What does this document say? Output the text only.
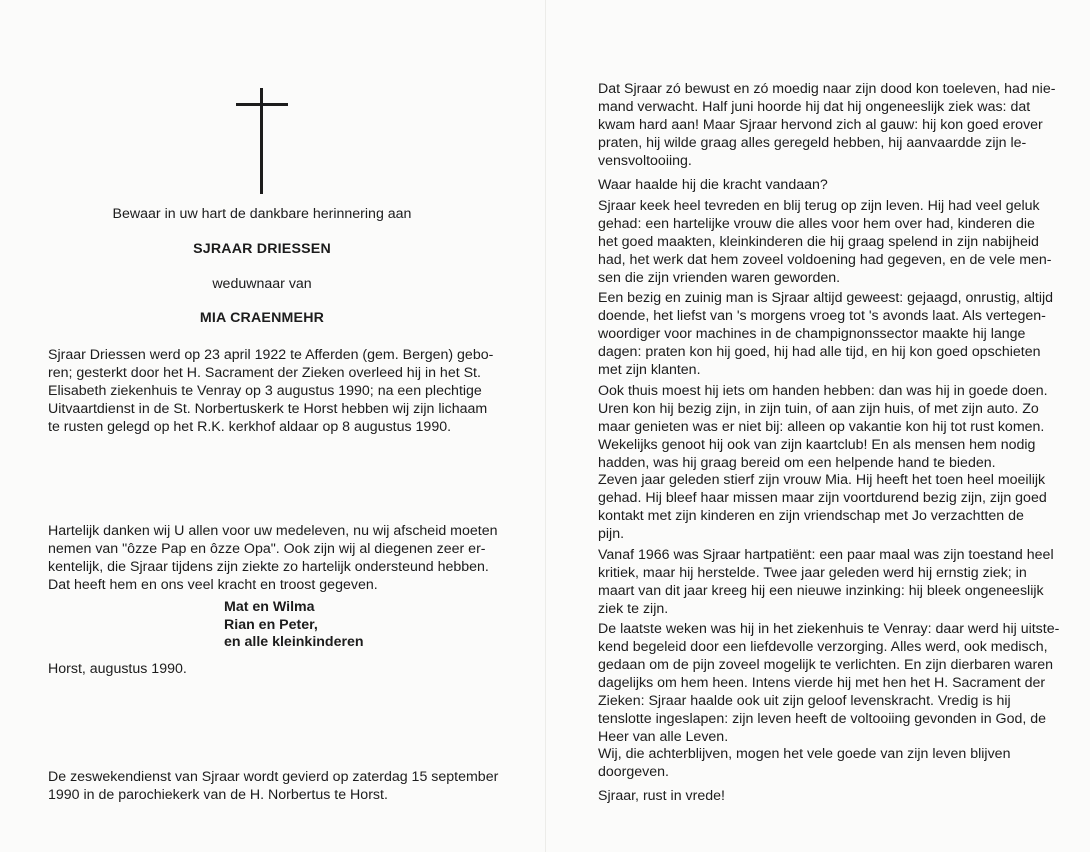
Bewaar in uw hart de dankbare herinnering aan
SJRAAR DRIESSEN
weduwnaar van
MIA CRAENMEHR

Sjraar Driessen werd op 23 april 1922 te Afferden (gem. Bergen) gebo-
ren; gesterkt door het H. Sacrament der Zieken overleed hij in het St.
Elisabeth ziekenhuis te Venray op 3 augustus 1990; na een plechtige
Uitvaartdienst in de St. Norbertuskerk te Horst hebben wij zijn lichaam
te rusten gelegd op het R.K. kerkhof aldaar op 8 augustus 1990.

Hartelijk danken wij U allen voor uw medeleven, nu wij afscheid moeten
nemen van "ôzze Pap en ôzze Opa". Ook zijn wij al diegenen zeer er-
kentelijk, die Sjraar tijdens zijn ziekte zo hartelijk ondersteund hebben.
Dat heeft hem en ons veel kracht en troost gegeven.

Mat en Wilma
Rian en Peter,
en alle kleinkinderen
Horst, augustus 1990.

De zeswekendienst van Sjraar wordt gevierd op zaterdag 15 september
1990 in de parochiekerk van de H. Norbertus te Horst.

Dat Sjraar zó bewust en zó moedig naar zijn dood kon toeleven, had nie-
mand verwacht. Half juni hoorde hij dat hij ongeneeslijk ziek was: dat
kwam hard aan! Maar Sjraar hervond zich al gauw: hij kon goed erover
praten, hij wilde graag alles geregeld hebben, hij aanvaardde zijn le-
vensvoltooiing.

Waar haalde hij die kracht vandaan?

Sjraar keek heel tevreden en blij terug op zijn leven. Hij had veel geluk
gehad: een hartelijke vrouw die alles voor hem over had, kinderen die
het goed maakten, kleinkinderen die hij graag spelend in zijn nabijheid
had, het werk dat hem zoveel voldoening had gegeven, en de vele men-
sen die zijn vrienden waren geworden.

Een bezig en zuinig man is Sjraar altijd geweest: gejaagd, onrustig, altijd
doende, het liefst van 's morgens vroeg tot 's avonds laat. Als vertegen-
woordiger voor machines in de champignonssector maakte hij lange
dagen: praten kon hij goed, hij had alle tijd, en hij kon goed opschieten
met zijn klanten.

Ook thuis moest hij iets om handen hebben: dan was hij in goede doen.
Uren kon hij bezig zijn, in zijn tuin, of aan zijn huis, of met zijn auto. Zo
maar genieten was er niet bij: alleen op vakantie kon hij tot rust komen.
Wekelijks genoot hij ook van zijn kaartclub! En als mensen hem nodig
hadden, was hij graag bereid om een helpende hand te bieden.

Zeven jaar geleden stierf zijn vrouw Mia. Hij heeft het toen heel moeilijk
gehad. Hij bleef haar missen maar zijn voortdurend bezig zijn, zijn goed
kontakt met zijn kinderen en zijn vriendschap met Jo verzachtten de
pijn.

Vanaf 1966 was Sjraar hartpatiënt: een paar maal was zijn toestand heel
kritiek, maar hij herstelde. Twee jaar geleden werd hij ernstig ziek; in
maart van dit jaar kreeg hij een nieuwe inzinking: hij bleek ongeneeslijk
ziek te zijn.

De laatste weken was hij in het ziekenhuis te Venray: daar werd hij uitste-
kend begeleid door een liefdevolle verzorging. Alles werd, ook medisch,
gedaan om de pijn zoveel mogelijk te verlichten. En zijn dierbaren waren
dagelijks om hem heen. Intens vierde hij met hen het H. Sacrament der
Zieken: Sjraar haalde ook uit zijn geloof levenskracht. Vredig is hij
tenslotte ingeslapen: zijn leven heeft de voltooiing gevonden in God, de
Heer van alle Leven.

Wij, die achterblijven, mogen het vele goede van zijn leven blijven
doorgeven.

Sjraar, rust in vrede!
